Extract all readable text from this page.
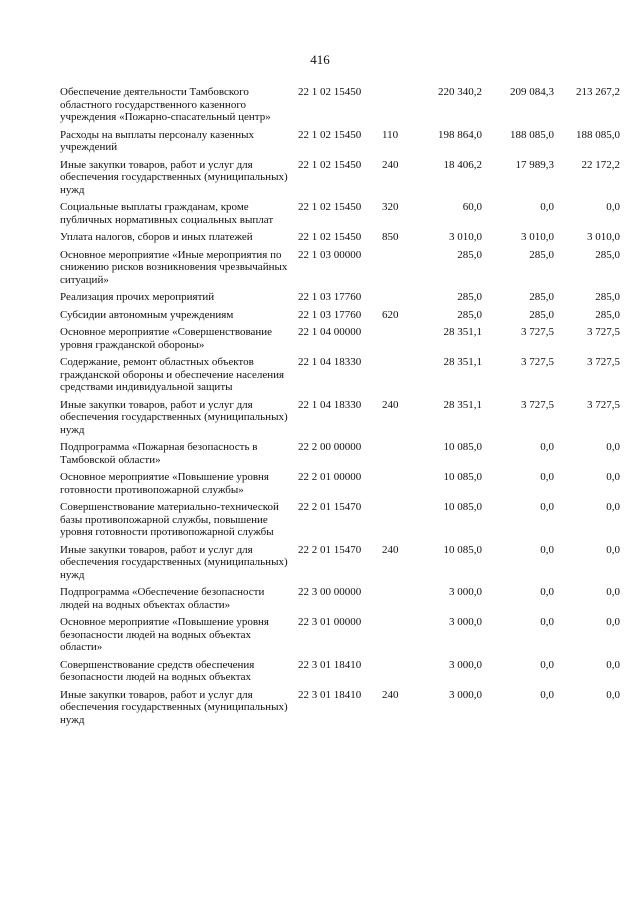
416
Обеспечение деятельности Тамбовского областного государственного казенного учреждения «Пожарно-спасательный центр»	22 1 02 15450		220 340,2	209 084,3	213 267,2
Расходы на выплаты персоналу казенных учреждений	22 1 02 15450	110	198 864,0	188 085,0	188 085,0
Иные закупки товаров, работ и услуг для обеспечения государственных (муниципальных) нужд	22 1 02 15450	240	18 406,2	17 989,3	22 172,2
Социальные выплаты гражданам, кроме публичных нормативных социальных выплат	22 1 02 15450	320	60,0	0,0	0,0
Уплата налогов, сборов и иных платежей	22 1 02 15450	850	3 010,0	3 010,0	3 010,0
Основное мероприятие «Иные мероприятия по снижению рисков возникновения чрезвычайных ситуаций»	22 1 03 00000		285,0	285,0	285,0
Реализация прочих мероприятий	22 1 03 17760		285,0	285,0	285,0
Субсидии автономным учреждениям	22 1 03 17760	620	285,0	285,0	285,0
Основное мероприятие «Совершенствование уровня гражданской обороны»	22 1 04 00000		28 351,1	3 727,5	3 727,5
Содержание, ремонт областных объектов гражданской обороны и обеспечение населения средствами индивидуальной защиты	22 1 04 18330		28 351,1	3 727,5	3 727,5
Иные закупки товаров, работ и услуг для обеспечения государственных (муниципальных) нужд	22 1 04 18330	240	28 351,1	3 727,5	3 727,5
Подпрограмма «Пожарная безопасность в Тамбовской области»	22 2 00 00000		10 085,0	0,0	0,0
Основное мероприятие «Повышение уровня готовности противопожарной службы»	22 2 01 00000		10 085,0	0,0	0,0
Совершенствование материально-технической базы противопожарной службы, повышение уровня готовности противопожарной службы	22 2 01 15470		10 085,0	0,0	0,0
Иные закупки товаров, работ и услуг для обеспечения государственных (муниципальных) нужд	22 2 01 15470	240	10 085,0	0,0	0,0
Подпрограмма «Обеспечение безопасности людей на водных объектах области»	22 3 00 00000		3 000,0	0,0	0,0
Основное мероприятие «Повышение уровня безопасности людей на водных объектах области»	22 3 01 00000		3 000,0	0,0	0,0
Совершенствование средств обеспечения безопасности людей на водных объектах	22 3 01 18410		3 000,0	0,0	0,0
Иные закупки товаров, работ и услуг для обеспечения государственных (муниципальных) нужд	22 3 01 18410	240	3 000,0	0,0	0,0
